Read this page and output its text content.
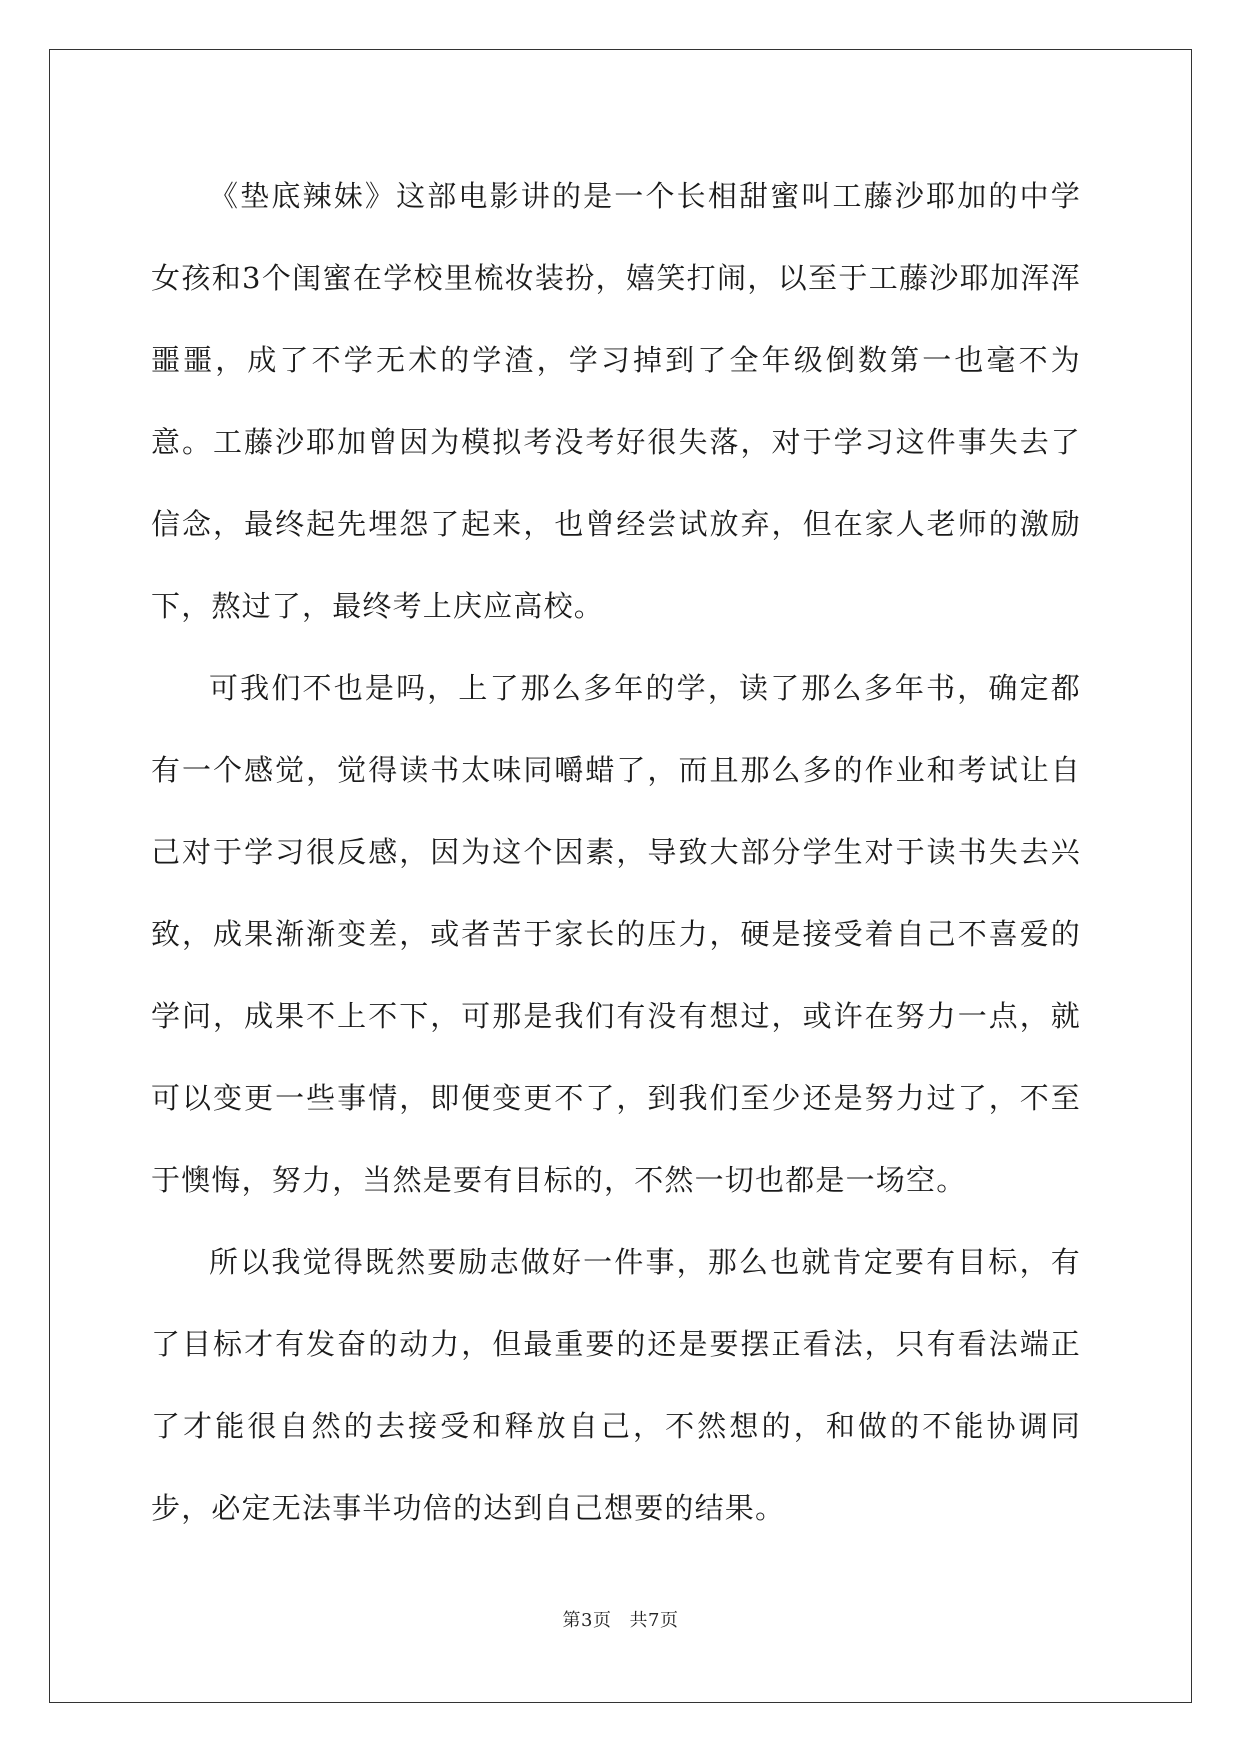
《垫底辣妹》这部电影讲的是一个长相甜蜜叫工藤沙耶加的中学女孩和3个闺蜜在学校里梳妆装扮，嬉笑打闹，以至于工藤沙耶加浑浑噩噩，成了不学无术的学渣，学习掉到了全年级倒数第一也毫不为意。工藤沙耶加曾因为模拟考没考好很失落，对于学习这件事失去了信念，最终起先埋怨了起来，也曾经尝试放弃，但在家人老师的激励下，熬过了，最终考上庆应高校。

可我们不也是吗，上了那么多年的学，读了那么多年书，确定都有一个感觉，觉得读书太味同嚼蜡了，而且那么多的作业和考试让自己对于学习很反感，因为这个因素，导致大部分学生对于读书失去兴致，成果渐渐变差，或者苦于家长的压力，硬是接受着自己不喜爱的学问，成果不上不下，可那是我们有没有想过，或许在努力一点，就可以变更一些事情，即便变更不了，到我们至少还是努力过了，不至于懊悔，努力，当然是要有目标的，不然一切也都是一场空。

所以我觉得既然要励志做好一件事，那么也就肯定要有目标，有了目标才有发奋的动力，但最重要的还是要摆正看法，只有看法端正了才能很自然的去接受和释放自己，不然想的，和做的不能协调同步，必定无法事半功倍的达到自己想要的结果。

第3页 共7页
